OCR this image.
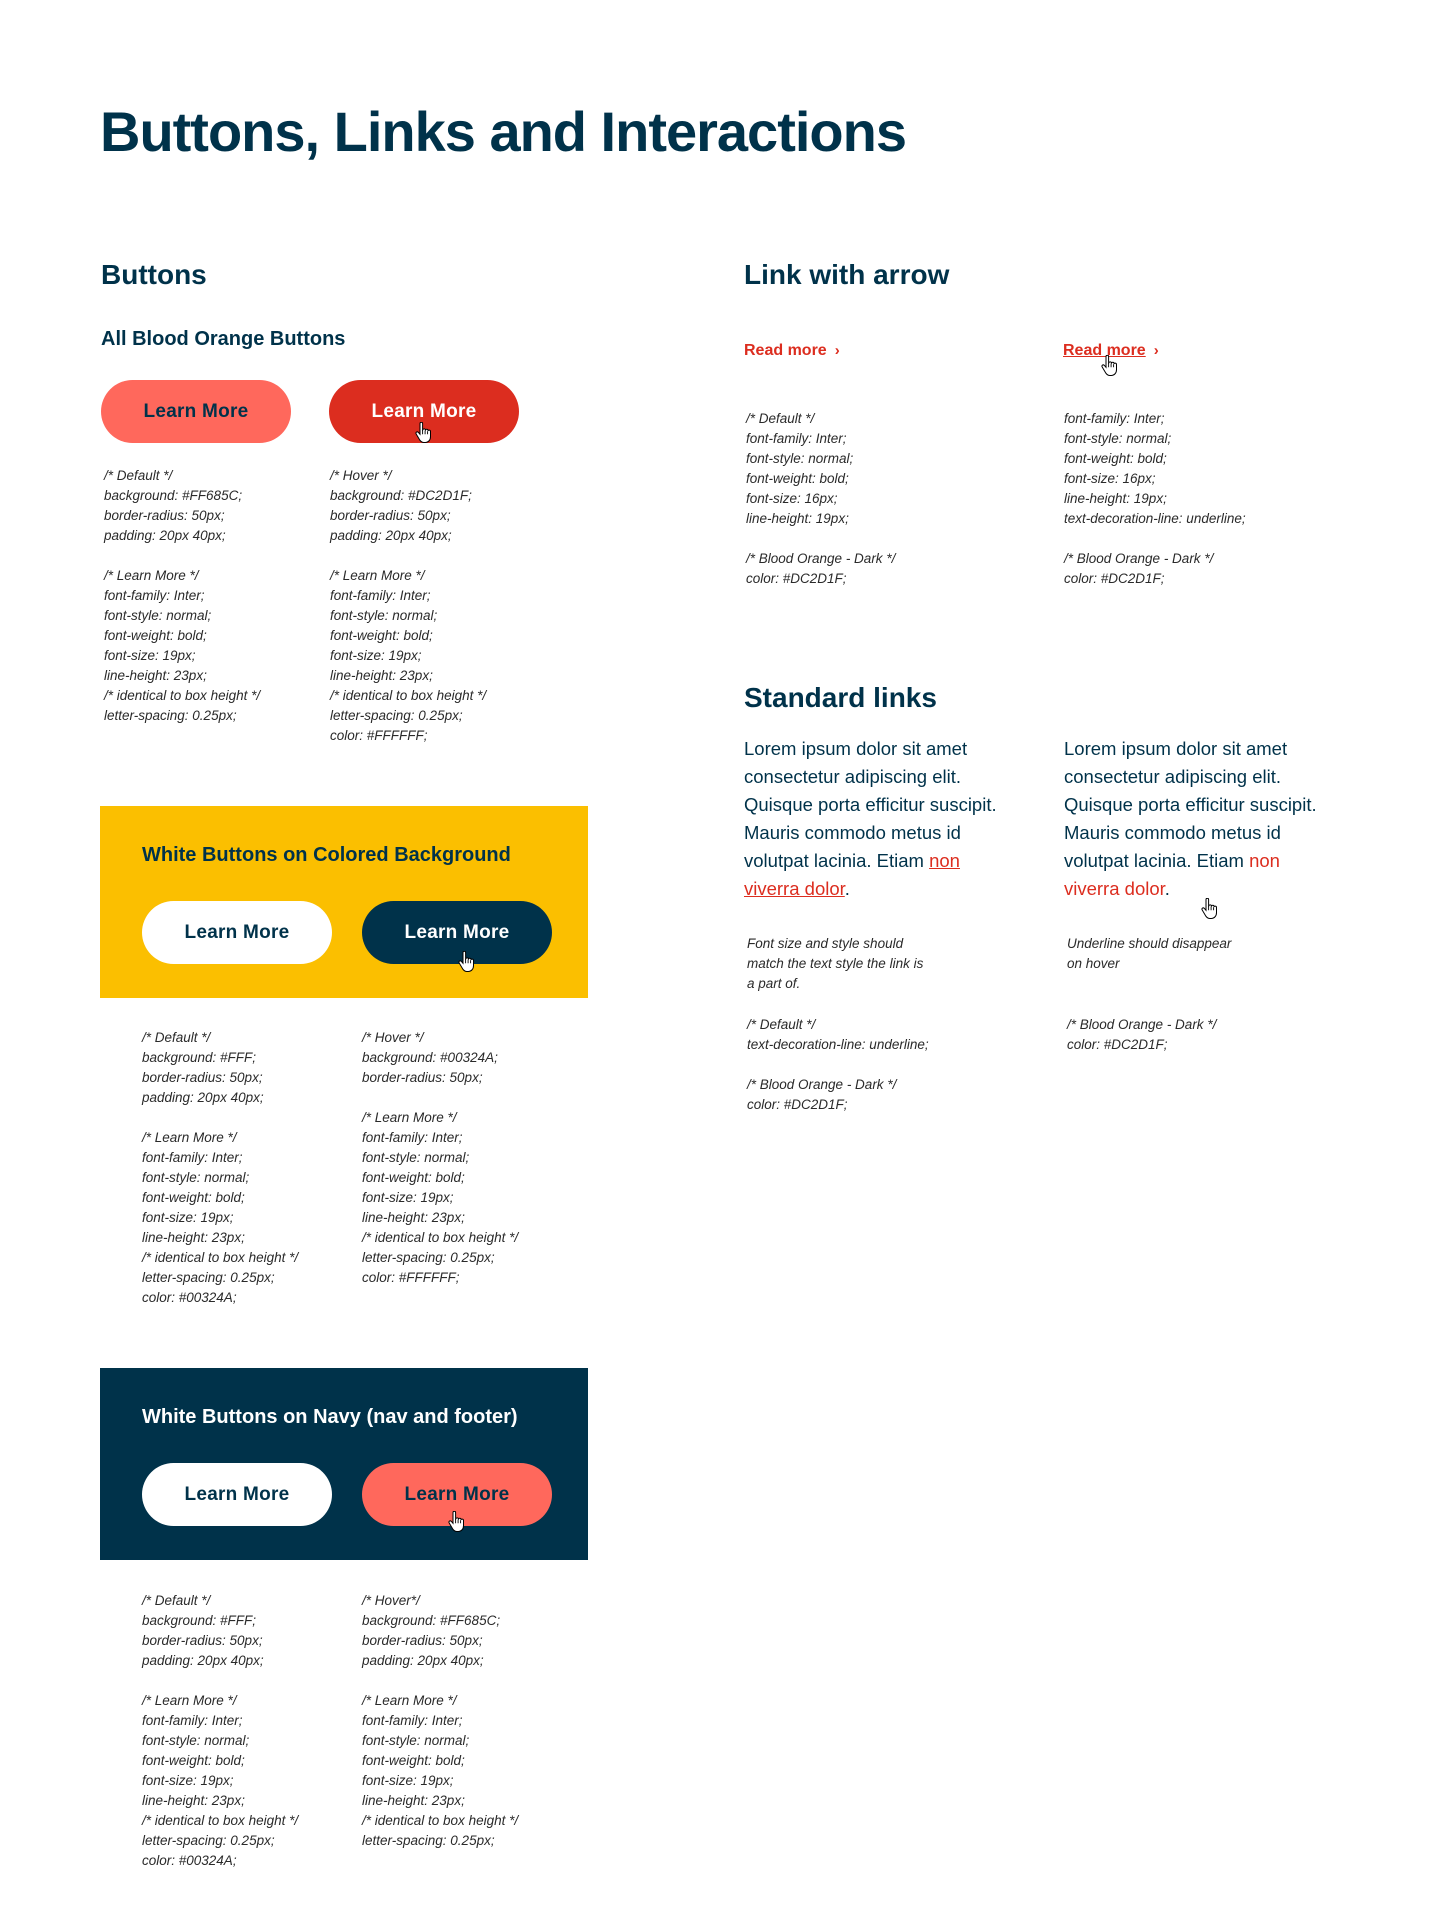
Buttons, Links and Interactions
Buttons
All Blood Orange Buttons
Learn More	Learn More
/* Default */
background: #FF685C;
border-radius: 50px;
padding: 20px 40px;

/* Learn More */
font-family: Inter;
font-style: normal;
font-weight: bold;
font-size: 19px;
line-height: 23px;
/* identical to box height */
letter-spacing: 0.25px;
/* Hover */
background: #DC2D1F;
border-radius: 50px;
padding: 20px 40px;

/* Learn More */
font-family: Inter;
font-style: normal;
font-weight: bold;
font-size: 19px;
line-height: 23px;
/* identical to box height */
letter-spacing: 0.25px;
color: #FFFFFF;
White Buttons on Colored Background
Learn More	Learn More
/* Default */
background: #FFF;
border-radius: 50px;
padding: 20px 40px;

/* Learn More */
font-family: Inter;
font-style: normal;
font-weight: bold;
font-size: 19px;
line-height: 23px;
/* identical to box height */
letter-spacing: 0.25px;
color: #00324A;
/* Hover */
background: #00324A;
border-radius: 50px;

/* Learn More */
font-family: Inter;
font-style: normal;
font-weight: bold;
font-size: 19px;
line-height: 23px;
/* identical to box height */
letter-spacing: 0.25px;
color: #FFFFFF;
White Buttons on Navy (nav and footer)
Learn More	Learn More
/* Default */
background: #FFF;
border-radius: 50px;
padding: 20px 40px;

/* Learn More */
font-family: Inter;
font-style: normal;
font-weight: bold;
font-size: 19px;
line-height: 23px;
/* identical to box height */
letter-spacing: 0.25px;
color: #00324A;
/* Hover*/
background: #FF685C;
border-radius: 50px;
padding: 20px 40px;

/* Learn More */
font-family: Inter;
font-style: normal;
font-weight: bold;
font-size: 19px;
line-height: 23px;
/* identical to box height */
letter-spacing: 0.25px;
Link with arrow
Read more ›	Read more ›
/* Default */
font-family: Inter;
font-style: normal;
font-weight: bold;
font-size: 16px;
line-height: 19px;

/* Blood Orange - Dark */
color: #DC2D1F;
font-family: Inter;
font-style: normal;
font-weight: bold;
font-size: 16px;
line-height: 19px;
text-decoration-line: underline;

/* Blood Orange - Dark */
color: #DC2D1F;
Standard links

Lorem ipsum dolor sit amet consectetur adipiscing elit. Quisque porta efficitur suscipit. Mauris commodo metus id volutpat lacinia. Etiam non viverra dolor.

Lorem ipsum dolor sit amet consectetur adipiscing elit. Quisque porta efficitur suscipit. Mauris commodo metus id volutpat lacinia. Etiam non viverra dolor.

Font size and style should
match the text style the link is
a part of.
/* Default */
text-decoration-line: underline;

/* Blood Orange - Dark */
color: #DC2D1F;
Underline should disappear
on hover
/* Blood Orange - Dark */
color: #DC2D1F;
